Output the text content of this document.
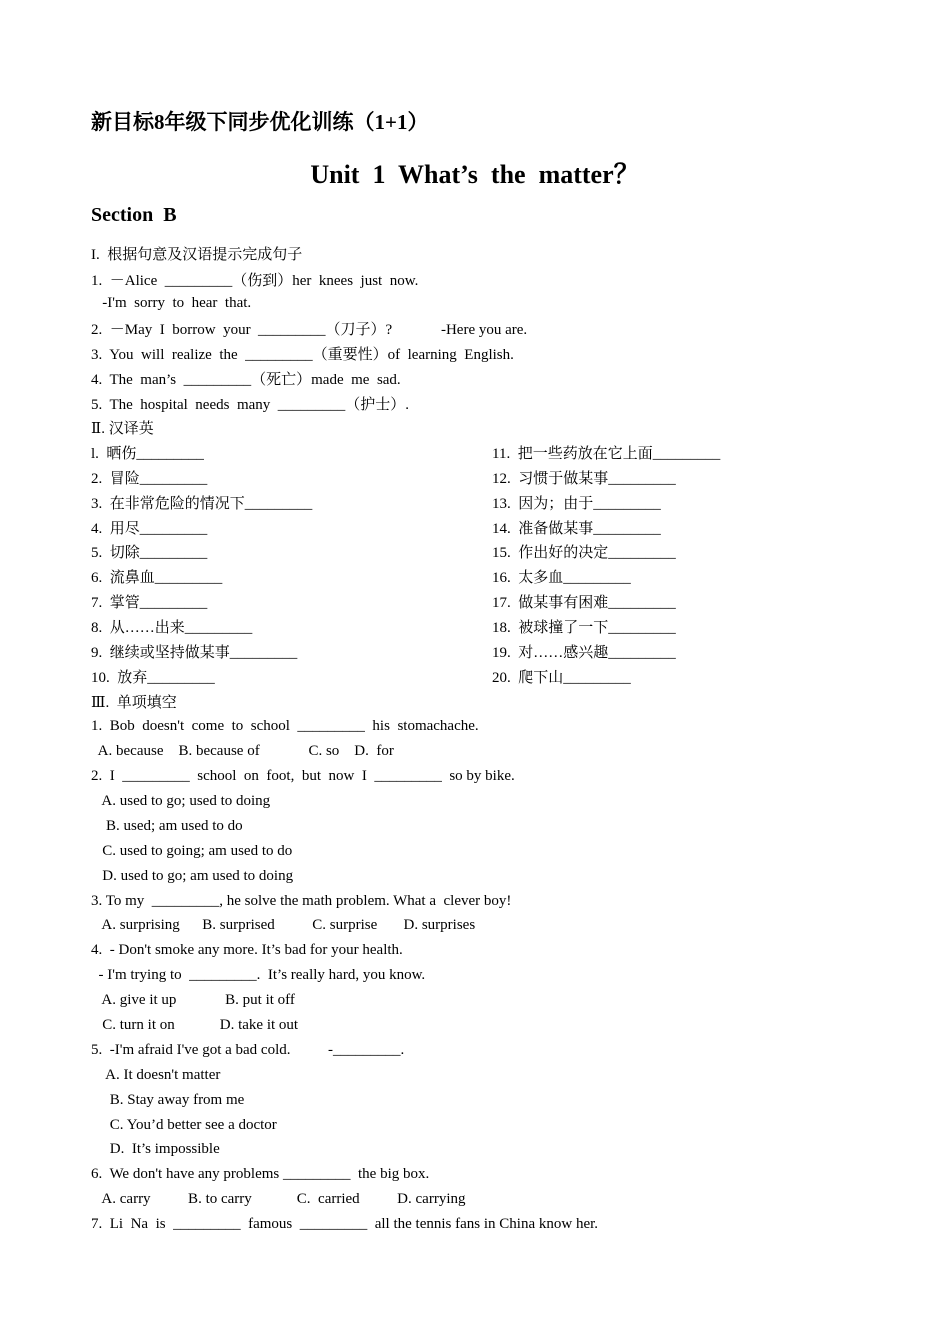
新目标8年级下同步优化训练（1+1）
Unit  1  What’s  the  matter？
Section  B
I.  根据句意及汉语提示完成句子
1.  －Alice  _________（伤到）her  knees  just  now.
-I'm  sorry  to  hear  that.
2.  －May  I  borrow  your  _________（刀子）?             -Here you are.
3.  You  will  realize  the  _________（重要性）of  learning  English.
4.  The  man’s  _________（死亡）made  me  sad.
5.  The  hospital  needs  many  _________（护士）.
Ⅱ. 汉译英
l.  晒伤_________
2.  冒险_________
3.  在非常危险的情况下_________
4.  用尽_________
5.  切除_________
6.  流鼻血_________
7.  掌管_________
8.  从……出来_________
9.  继续或坚持做某事_________
10.  放弃_________
11.  把一些药放在它上面_________
12.  习惯于做某事_________
13.  因为；由于_________
14.  准备做某事_________
15.  作出好的决定_________
16.  太多血_________
17.  做某事有困难_________
18.  被球撞了一下_________
19.  对……感兴趣_________
20.  爬下山_________
Ⅲ.  单项填空
1.  Bob  doesn't  come  to  school  _________  his  stomachache.
A. because    B. because of             C. so    D.  for
2.  I  _________  school  on  foot,  but  now  I  _________  so by bike.
A. used to go; used to doing
B. used; am used to do
C. used to going; am used to do
D. used to go; am used to doing
3. To my  _________, he solve the math problem. What a  clever boy!
A. surprising      B. surprised          C. surprise       D. surprises
4.  - Don't smoke any more. It’s bad for your health.
- I'm trying to  _________.  It’s really hard, you know.
A. give it up             B. put it off
C. turn it on            D. take it out
5.  -I'm afraid I've got a bad cold.          -_________.
A. It doesn't matter
B. Stay away from me
C. You’d better see a doctor
D.  It’s impossible
6.  We don't have any problems _________  the big box.
A. carry          B. to carry            C.  carried          D. carrying
7.  Li  Na  is  _________  famous  _________  all the tennis fans in China know her.
